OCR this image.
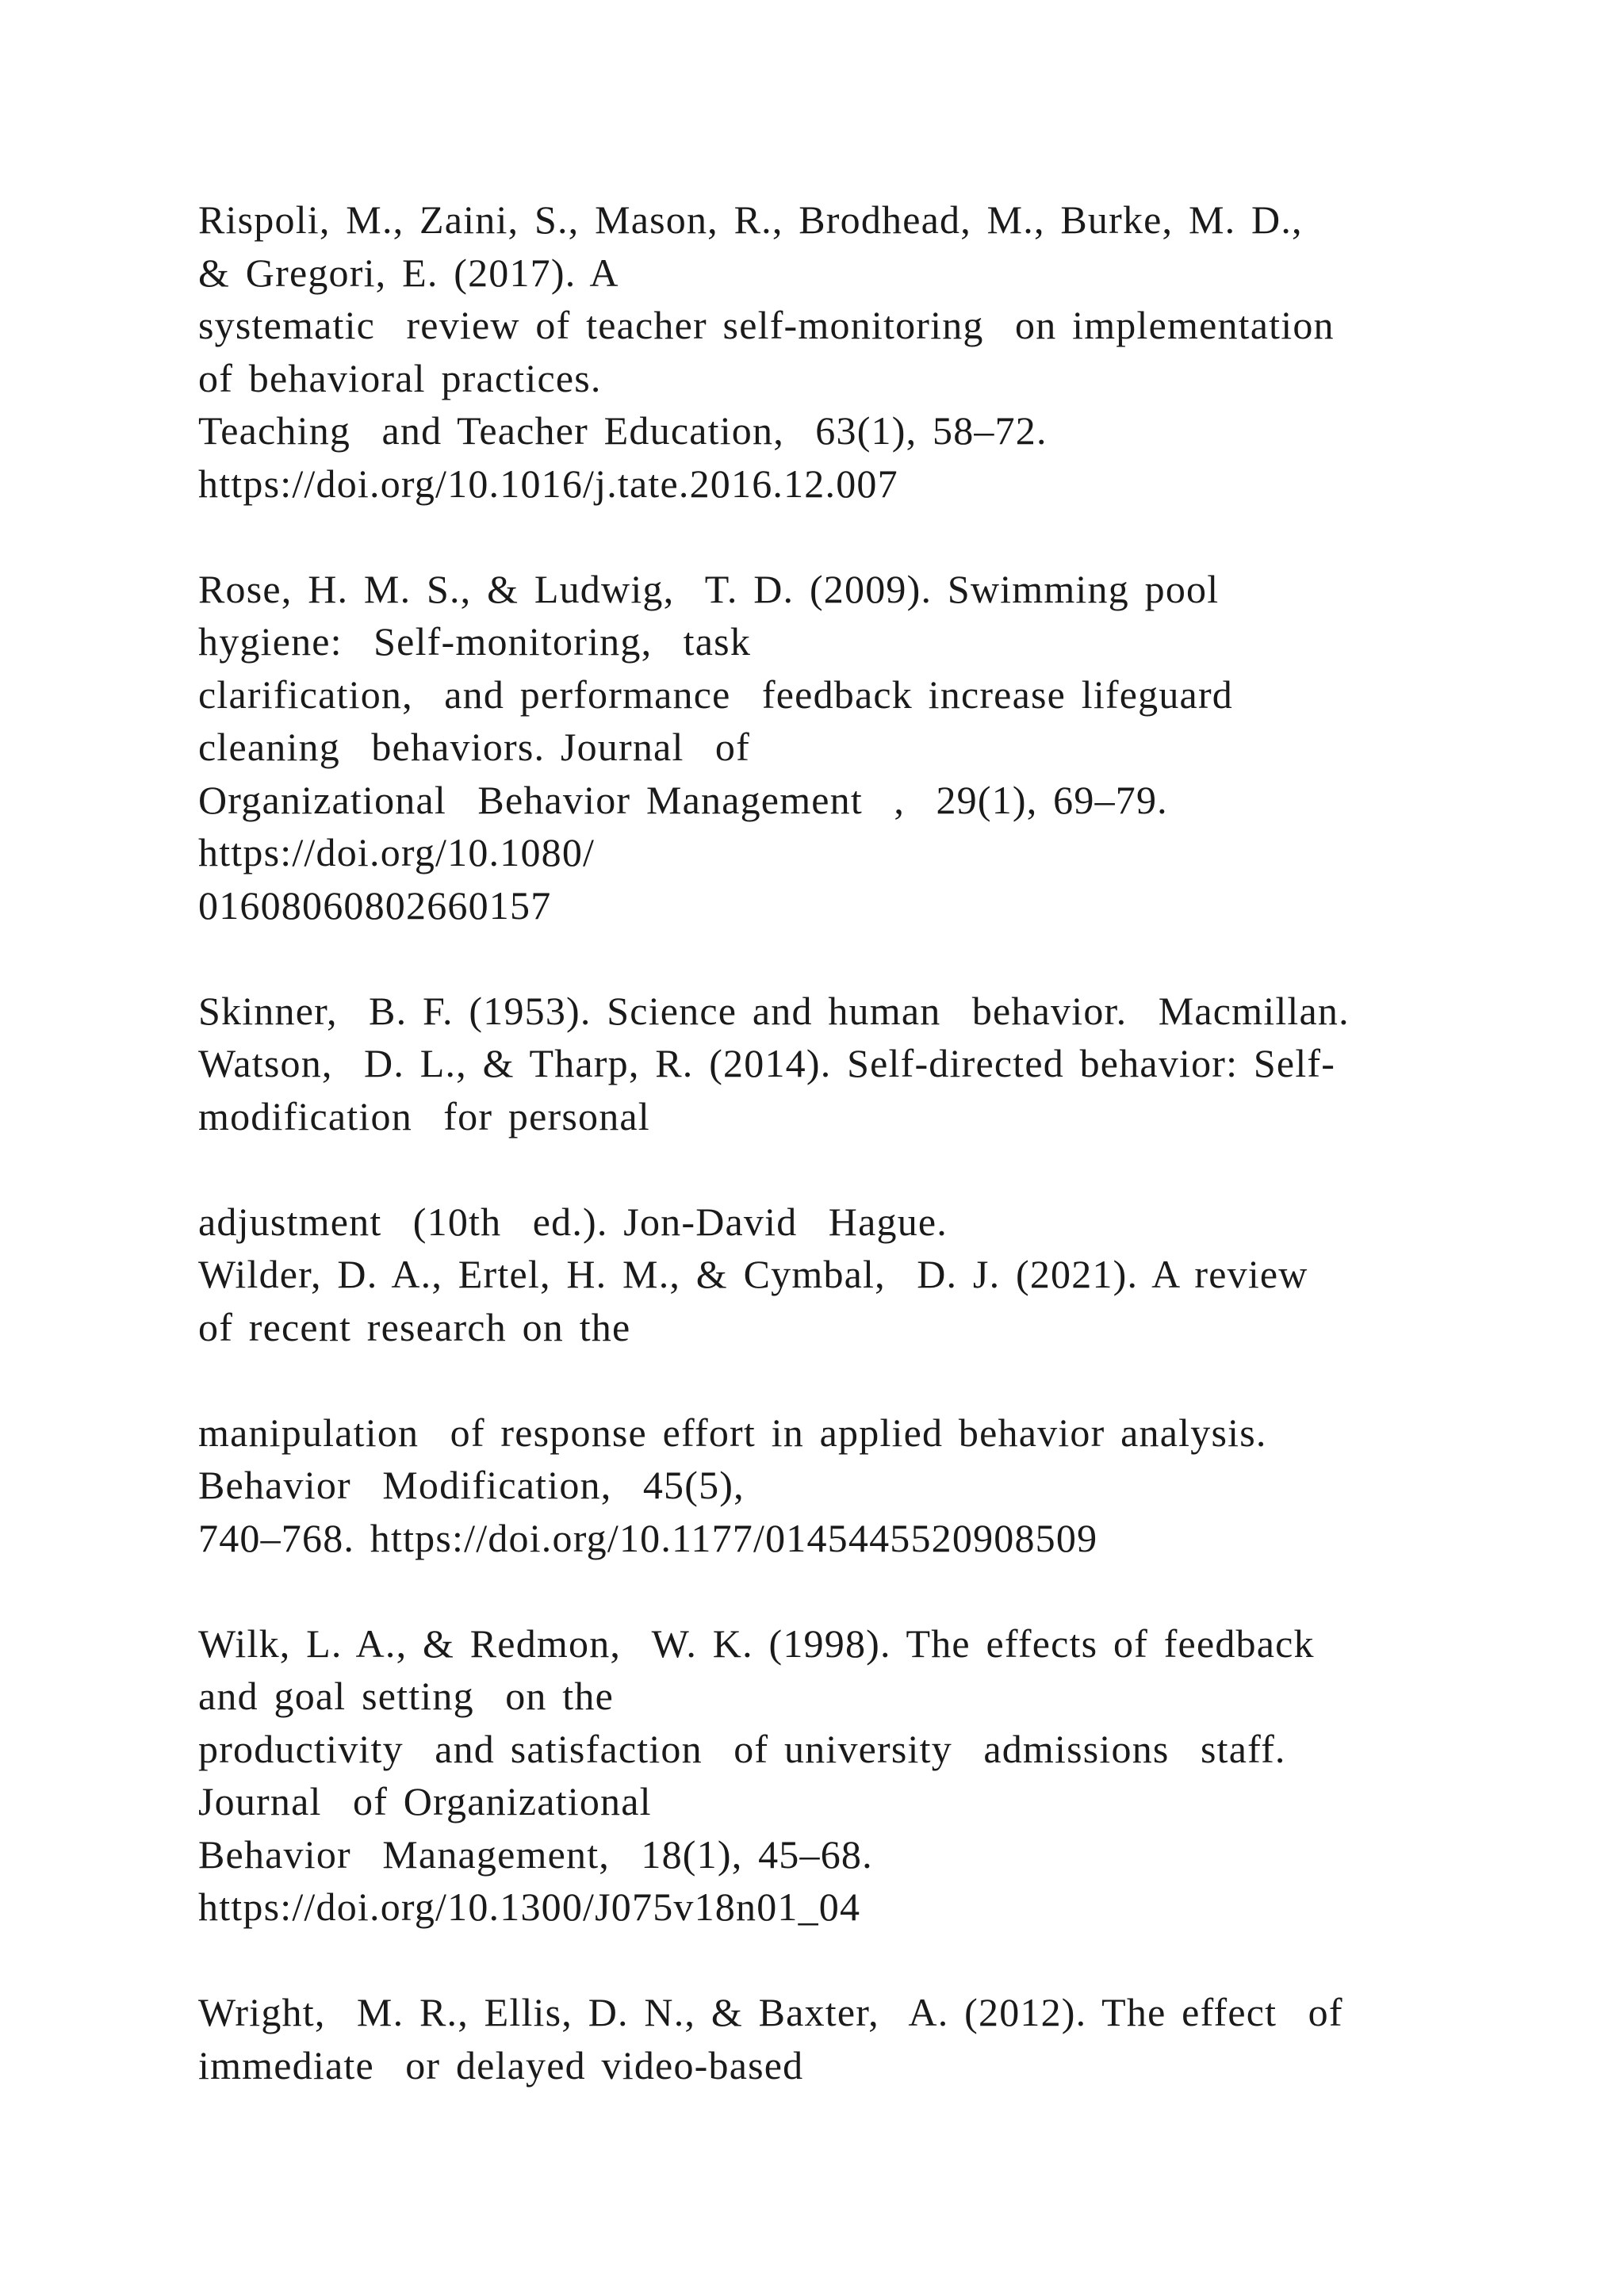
Rispoli, M., Zaini, S., Mason, R., Brodhead, M., Burke, M. D.,
& Gregori, E. (2017). A
systematic  review of teacher self-monitoring  on implementation
of behavioral practices.
Teaching  and Teacher Education,  63(1), 58–72.
https://doi.org/10.1016/j.tate.2016.12.007
Rose, H. M. S., & Ludwig,  T. D. (2009). Swimming pool
hygiene:  Self-monitoring,  task
clarification,  and performance  feedback increase lifeguard
cleaning  behaviors. Journal  of
Organizational  Behavior Management  ,  29(1), 69–79.
https://doi.org/10.1080/
01608060802660157
Skinner,  B. F. (1953). Science and human  behavior.  Macmillan.
Watson,  D. L., & Tharp, R. (2014). Self-directed behavior: Self-
modification  for personal
adjustment  (10th  ed.). Jon-David  Hague.
Wilder, D. A., Ertel, H. M., & Cymbal,  D. J. (2021). A review
of recent research on the
manipulation  of response effort in applied behavior analysis.
Behavior  Modification,  45(5),
740–768. https://doi.org/10.1177/0145445520908509
Wilk, L. A., & Redmon,  W. K. (1998). The effects of feedback
and goal setting  on the
productivity  and satisfaction  of university  admissions  staff.
Journal  of Organizational
Behavior  Management,  18(1), 45–68.
https://doi.org/10.1300/J075v18n01_04
Wright,  M. R., Ellis, D. N., & Baxter,  A. (2012). The effect  of
immediate  or delayed video-based
